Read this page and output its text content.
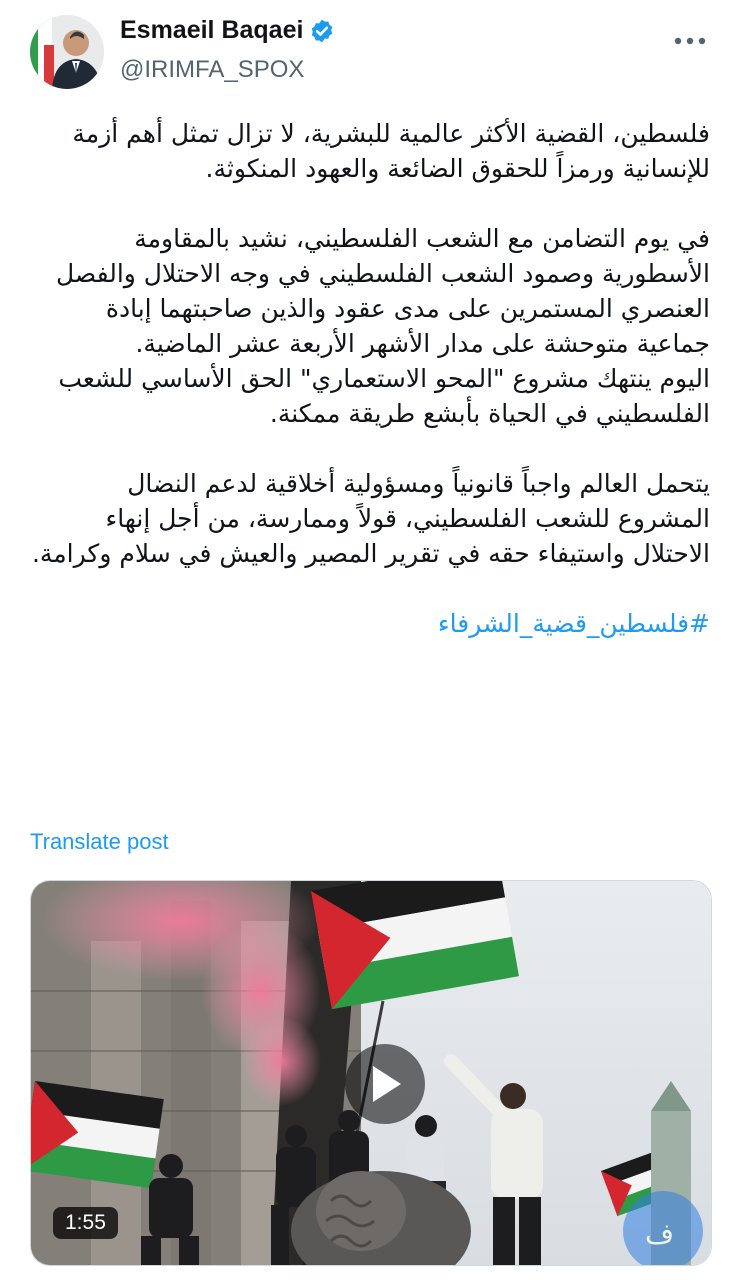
Esmaeil Baqaei
@IRIMFA_SPOX

فلسطين، القضية الأكثر عالمية للبشرية، لا تزال تمثل أهم أزمة للإنسانية ورمزاً للحقوق الضائعة والعهود المنكوثة.

في يوم التضامن مع الشعب الفلسطيني، نشيد بالمقاومة الأسطورية وصمود الشعب الفلسطيني في وجه الاحتلال والفصل العنصري المستمرين على مدى عقود والذين صاحبتهما إبادة جماعية متوحشة على مدار الأشهر الأربعة عشر الماضية.

اليوم ينتهك مشروع "المحو الاستعماري" الحق الأساسي للشعب الفلسطيني في الحياة بأبشع طريقة ممكنة.

يتحمل العالم واجباً قانونياً ومسؤولية أخلاقية لدعم النضال المشروع للشعب الفلسطيني، قولاً وممارسة، من أجل إنهاء الاحتلال واستيفاء حقه في تقرير المصير والعيش في سلام وكرامة.

#فلسطين_قضية_الشرفاء

Translate post
ف
1:55
